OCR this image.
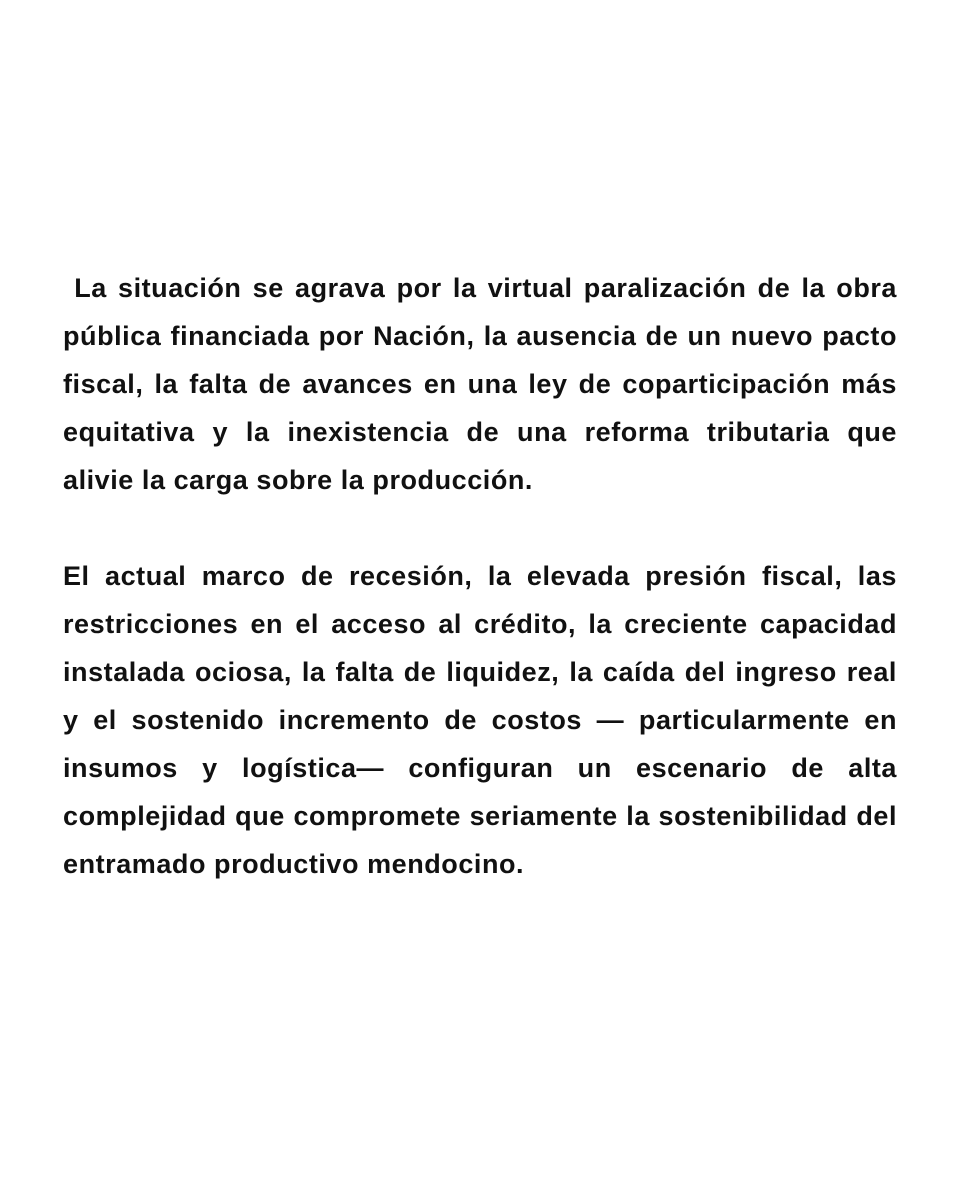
La situación se agrava por la virtual paralización de la obra pública financiada por Nación, la ausencia de un nuevo pacto fiscal, la falta de avances en una ley de coparticipación más equitativa y la inexistencia de una reforma tributaria que alivie la carga sobre la producción.

El actual marco de recesión, la elevada presión fiscal, las restricciones en el acceso al crédito, la creciente capacidad instalada ociosa, la falta de liquidez, la caída del ingreso real y el sostenido incremento de costos — particularmente en insumos y logística— configuran un escenario de alta complejidad que compromete seriamente la sostenibilidad del entramado productivo mendocino.
